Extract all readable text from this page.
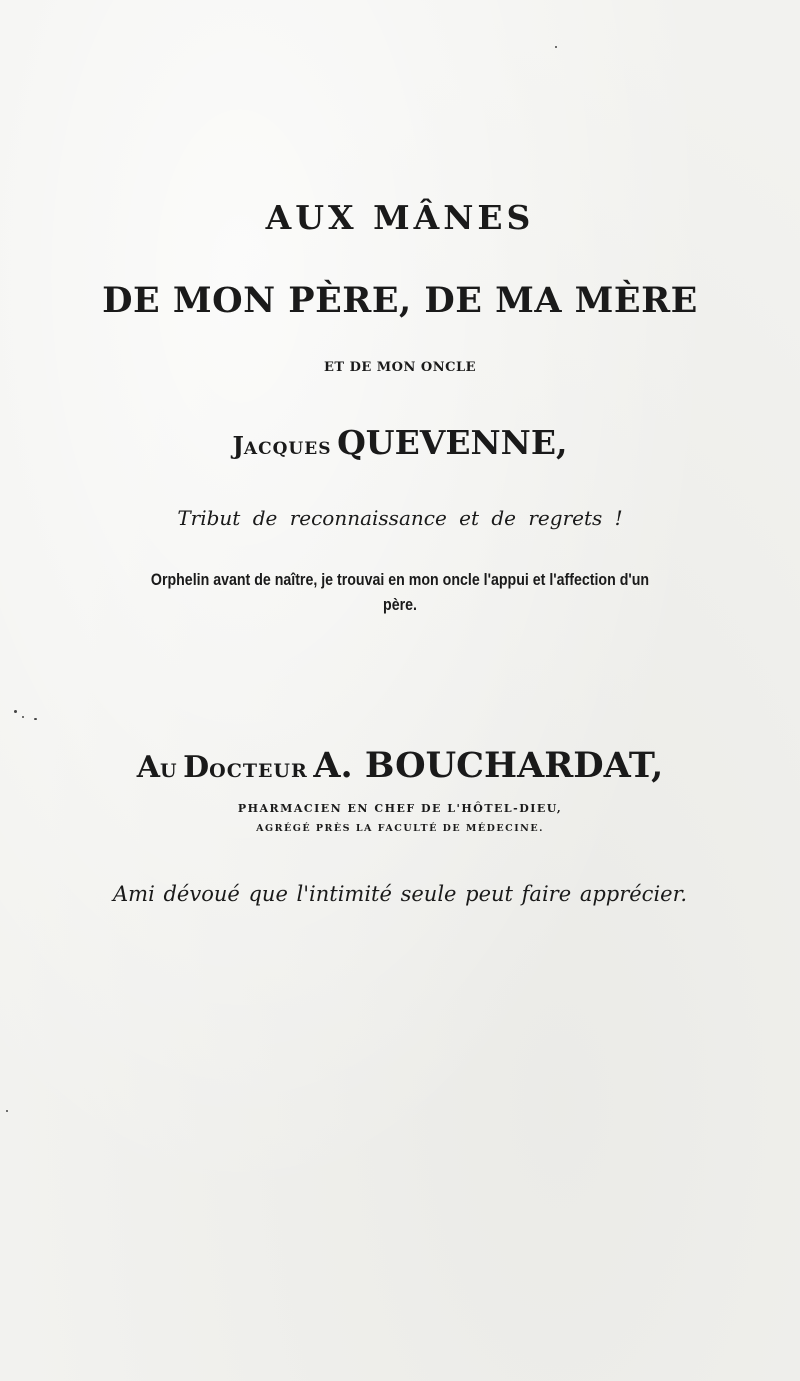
AUX MÂNES
DE MON PÈRE, DE MA MÈRE
ET DE MON ONCLE
JACQUES QUEVENNE,
Tribut de reconnaissance et de regrets !
Orphelin avant de naître, je trouvai en mon oncle l'appui et l'affection d'un père.
AU DOCTEUR A. BOUCHARDAT,
PHARMACIEN EN CHEF DE L'HÔTEL-DIEU,
AGRÉGÉ PRÈS LA FACULTÉ DE MÉDECINE.
Ami dévoué que l'intimité seule peut faire apprécier.
